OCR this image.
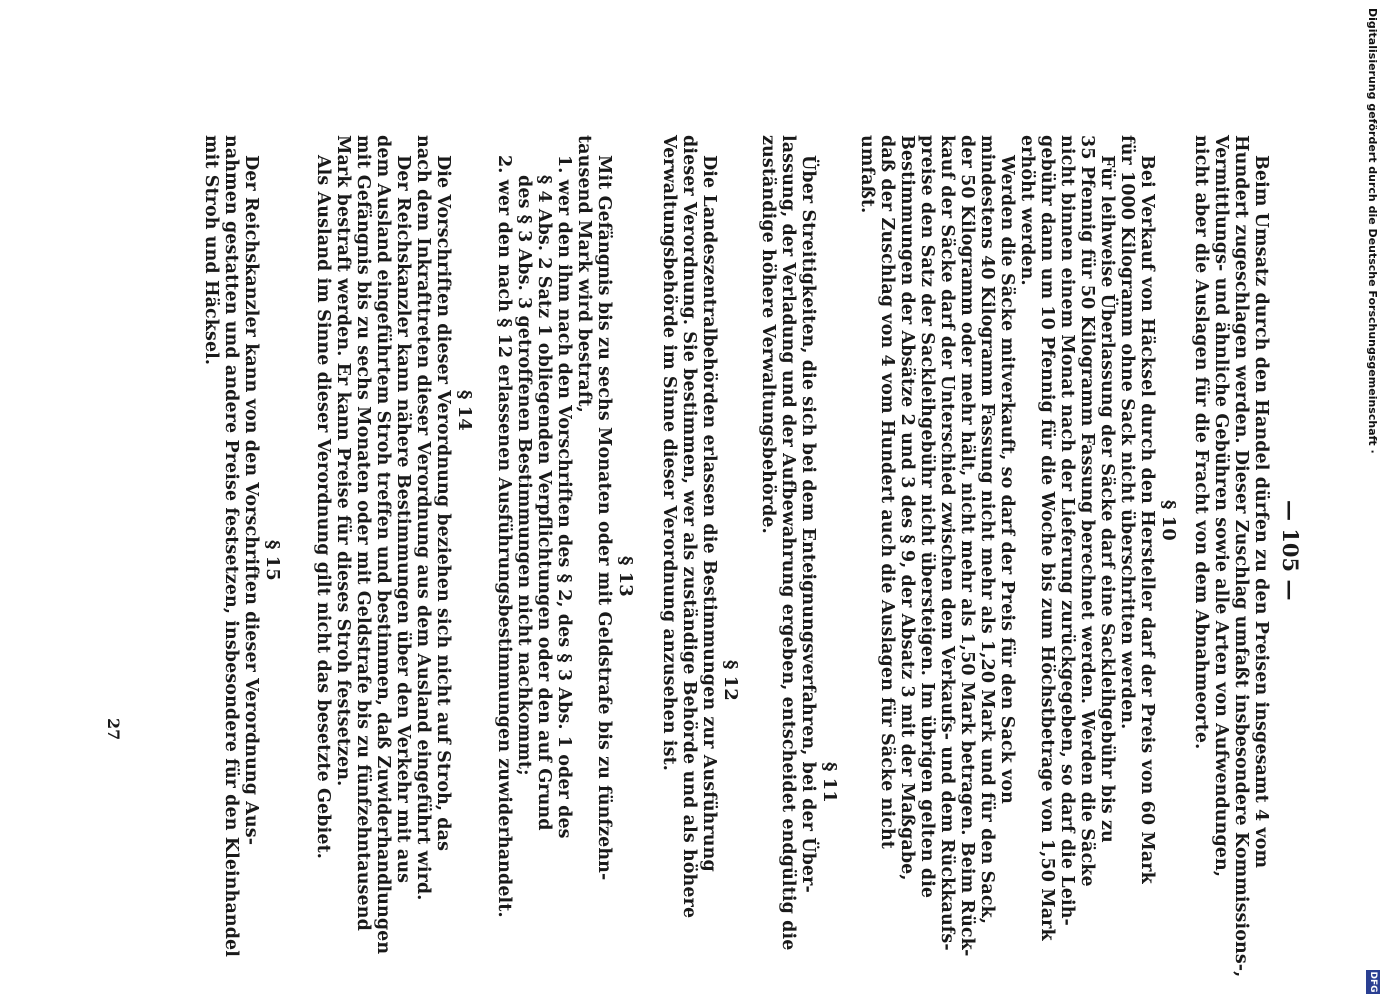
— 105 —
Beim Umsatz durch den Handel dürfen zu den Preisen insgesamt 4 vom
Hundert zugeschlagen werden. Dieser Zuschlag umfaßt insbesondere Kommissions-,
Vermittlungs- und ähnliche Gebühren sowie alle Arten von Aufwendungen,
nicht aber die Auslagen für die Fracht von dem Abnahmeorte.
§ 10
Bei Verkauf von Häcksel durch den Hersteller darf der Preis von 60 Mark
für 1000 Kilogramm ohne Sack nicht überschritten werden.
Für leihweise Überlassung der Säcke darf eine Sackleihgebühr bis zu
35 Pfennig für 50 Kilogramm Fassung berechnet werden. Werden die Säcke
nicht binnen einem Monat nach der Lieferung zurückgegeben, so darf die Leih-
gebühr dann um 10 Pfennig für die Woche bis zum Höchstbetrage von 1,50 Mark
erhöht werden.
Werden die Säcke mitverkauft, so darf der Preis für den Sack von
mindestens 40 Kilogramm Fassung nicht mehr als 1,20 Mark und für den Sack,
der 50 Kilogramm oder mehr hält, nicht mehr als 1,50 Mark betragen. Beim Rück-
kauf der Säcke darf der Unterschied zwischen dem Verkaufs- und dem Rückkaufs-
preise den Satz der Sackleihgebühr nicht übersteigen. Im übrigen gelten die
Bestimmungen der Absätze 2 und 3 des § 9, der Absatz 3 mit der Maßgabe,
daß der Zuschlag von 4 vom Hundert auch die Auslagen für Säcke nicht
umfaßt.
§ 11
Über Streitigkeiten, die sich bei dem Enteignungsverfahren, bei der Über-
lassung, der Verladung und der Aufbewahrung ergeben, entscheidet endgültig die
zuständige höhere Verwaltungsbehörde.
§ 12
Die Landeszentralbehörden erlassen die Bestimmungen zur Ausführung
dieser Verordnung. Sie bestimmen, wer als zuständige Behörde und als höhere
Verwaltungsbehörde im Sinne dieser Verordnung anzusehen ist.
§ 13
Mit Gefängnis bis zu sechs Monaten oder mit Geldstrafe bis zu fünfzehn-
tausend Mark wird bestraft,
1. wer den ihm nach den Vorschriften des § 2, des § 3 Abs. 1 oder des
§ 4 Abs. 2 Satz 1 obliegenden Verpflichtungen oder den auf Grund
des § 3 Abs. 3 getroffenen Bestimmungen nicht nachkommt;
2. wer den nach § 12 erlassenen Ausführungsbestimmungen zuwiderhandelt.
§ 14
Die Vorschriften dieser Verordnung beziehen sich nicht auf Stroh, das
nach dem Inkrafttreten dieser Verordnung aus dem Ausland eingeführt wird.
Der Reichskanzler kann nähere Bestimmungen über den Verkehr mit aus
dem Ausland eingeführtem Stroh treffen und bestimmen, daß Zuwiderhandlungen
mit Gefängnis bis zu sechs Monaten oder mit Geldstrafe bis zu fünfzehntausend
Mark bestraft werden. Er kann Preise für dieses Stroh festsetzen.
Als Ausland im Sinne dieser Verordnung gilt nicht das besetzte Gebiet.
§ 15
Der Reichskanzler kann von den Vorschriften dieser Verordnung Aus-
nahmen gestatten und andere Preise festsetzen, insbesondere für den Kleinhandel
mit Stroh und Häcksel.
27
Digitalisierung gefördert durch die Deutsche Forschungsgemeinschaft ·
DFG
